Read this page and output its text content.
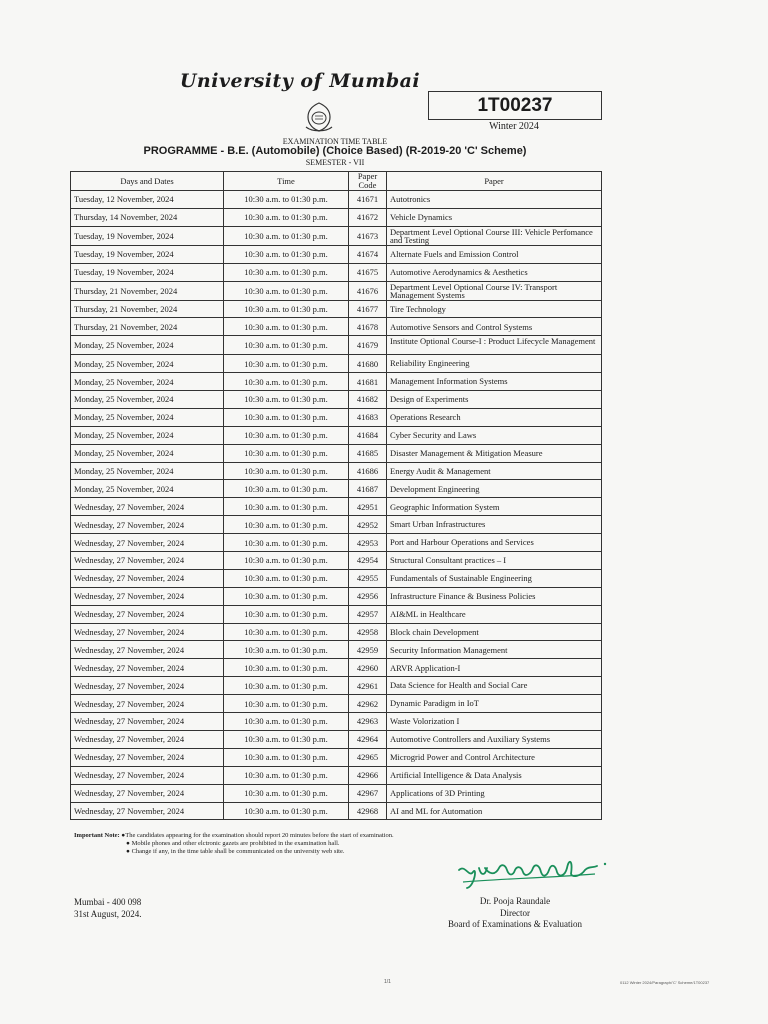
University of Mumbai
1T00237
Winter 2024
EXAMINATION TIME TABLE
PROGRAMME - B.E. (Automobile) (Choice Based) (R-2019-20 'C' Scheme)
SEMESTER - VII
Days and Dates	Time	Paper Code	Paper
Tuesday, 12 November, 2024	10:30 a.m. to 01:30 p.m.	41671	Autotronics
Thursday, 14 November, 2024	10:30 a.m. to 01:30 p.m.	41672	Vehicle Dynamics
Tuesday, 19 November, 2024	10:30 a.m. to 01:30 p.m.	41673	Department Level Optional Course III: Vehicle Perfomance and Testing
Tuesday, 19 November, 2024	10:30 a.m. to 01:30 p.m.	41674	Alternate Fuels and Emission Control
Tuesday, 19 November, 2024	10:30 a.m. to 01:30 p.m.	41675	Automotive Aerodynamics & Aesthetics
Thursday, 21 November, 2024	10:30 a.m. to 01:30 p.m.	41676	Department Level Optional Course IV: Transport Management Systems
Thursday, 21 November, 2024	10:30 a.m. to 01:30 p.m.	41677	Tire Technology
Thursday, 21 November, 2024	10:30 a.m. to 01:30 p.m.	41678	Automotive Sensors and Control Systems
Monday, 25 November, 2024	10:30 a.m. to 01:30 p.m.	41679	Institute Optional Course-I : Product Lifecycle Management
Monday, 25 November, 2024	10:30 a.m. to 01:30 p.m.	41680	Reliability Engineering
Monday, 25 November, 2024	10:30 a.m. to 01:30 p.m.	41681	Management Information Systems
Monday, 25 November, 2024	10:30 a.m. to 01:30 p.m.	41682	Design of Experiments
Monday, 25 November, 2024	10:30 a.m. to 01:30 p.m.	41683	Operations Research
Monday, 25 November, 2024	10:30 a.m. to 01:30 p.m.	41684	Cyber Security and Laws
Monday, 25 November, 2024	10:30 a.m. to 01:30 p.m.	41685	Disaster Management & Mitigation Measure
Monday, 25 November, 2024	10:30 a.m. to 01:30 p.m.	41686	Energy Audit & Management
Monday, 25 November, 2024	10:30 a.m. to 01:30 p.m.	41687	Development Engineering
Wednesday, 27 November, 2024	10:30 a.m. to 01:30 p.m.	42951	Geographic Information System
Wednesday, 27 November, 2024	10:30 a.m. to 01:30 p.m.	42952	Smart Urban Infrastructures
Wednesday, 27 November, 2024	10:30 a.m. to 01:30 p.m.	42953	Port and Harbour Operations and Services
Wednesday, 27 November, 2024	10:30 a.m. to 01:30 p.m.	42954	Structural Consultant practices – I
Wednesday, 27 November, 2024	10:30 a.m. to 01:30 p.m.	42955	Fundamentals of Sustainable Engineering
Wednesday, 27 November, 2024	10:30 a.m. to 01:30 p.m.	42956	Infrastructure Finance & Business Policies
Wednesday, 27 November, 2024	10:30 a.m. to 01:30 p.m.	42957	AI&ML in Healthcare
Wednesday, 27 November, 2024	10:30 a.m. to 01:30 p.m.	42958	Block chain Development
Wednesday, 27 November, 2024	10:30 a.m. to 01:30 p.m.	42959	Security Information Management
Wednesday, 27 November, 2024	10:30 a.m. to 01:30 p.m.	42960	ARVR Application-I
Wednesday, 27 November, 2024	10:30 a.m. to 01:30 p.m.	42961	Data Science for Health and Social Care
Wednesday, 27 November, 2024	10:30 a.m. to 01:30 p.m.	42962	Dynamic Paradigm in IoT
Wednesday, 27 November, 2024	10:30 a.m. to 01:30 p.m.	42963	Waste Volorization I
Wednesday, 27 November, 2024	10:30 a.m. to 01:30 p.m.	42964	Automotive Controllers and Auxiliary Systems
Wednesday, 27 November, 2024	10:30 a.m. to 01:30 p.m.	42965	Microgrid Power and Control Architecture
Wednesday, 27 November, 2024	10:30 a.m. to 01:30 p.m.	42966	Artificial Intelligence & Data Analysis
Wednesday, 27 November, 2024	10:30 a.m. to 01:30 p.m.	42967	Applications of 3D Printing
Wednesday, 27 November, 2024	10:30 a.m. to 01:30 p.m.	42968	AI and ML for Automation
Important Note: ●The candidates appearing for the examination should report 20 minutes before the start of examination.
● Mobile phones and other elctronic gazets are prohibited in the examination hall.
● Change if any, in the time table shall be communicated on the university web site.
Mumbai - 400 098
31st August, 2024.
Dr. Pooja Raundale
Director
Board of Examinations & Evaluation
1/1	0112 Winter 2024/Paragraph/'C' Scheme/1T00237
